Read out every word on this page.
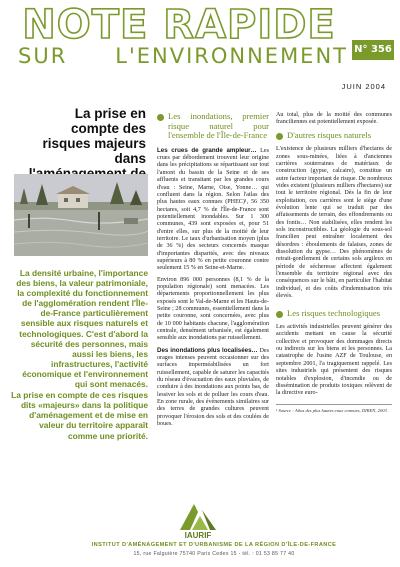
NOTE RAPIDE
SUR L'ENVIRONNEMENT N° 356
JUIN 2004
La prise en compte des risques majeurs dans

La densité urbaine, l'importance des biens, la valeur patrimoniale, la complexité du fonctionnement de l'agglomération rendent l'Île-de-France particulièrement sensible aux risques naturels et technologiques. C'est d'abord la sécurité des personnes, mais aussi les biens, les infrastructures, l'activité économique et l'environnement qui sont menacés.

La prise en compte de ces risques dits «majeurs» dans la politique d'aménagement et de mise en valeur du territoire apparaît comme une priorité.

Les inondations, premier risque naturel pour l'ensemble de l'Île-de-France

Les crues de grande ampleur… Les crues par débordement trouvent leur origine dans les précipitations se répartissant sur tout l'amont du bassin de la Seine et de ses affluents et transitant par les grandes cours d'eau : Seine, Marne, Oise, Yonne… qui confluent dans la région. Selon l'atlas des plus hautes eaux connues (PHEC)¹, 56 350 hectares, soit 4,7 % de l'Île-de-France sont potentiellement inondables. Sur 1 300 communes, 439 sont exposées et, pour 51 d'entre elles, sur plus de la moitié de leur territoire. Le taux d'urbanisation moyen (plus de 36 %) des secteurs concernés masque d'importantes disparités, avec des niveaux supérieurs à 80 % en petite couronne contre seulement 15 % en Seine-et-Marne.

Environ 896 000 personnes (8,1 % de la population régionale) sont menacées. Les départements proportionnellement les plus exposés sont le Val-de-Marne et les Hauts-de-Seine ; 28 communes, essentiellement dans la petite couronne, sont concernées, avec plus de 10 000 habitants chacune, l'agglomération centrale, densément urbanisée, est également sensible aux inondations par ruissellement.

Des inondations plus localisées… Des orages intenses peuvent occasionner sur des surfaces imperméabilisées un fort ruissellement, capable de saturer les capacités du réseau d'évacuation des eaux pluviales, de conduire à des inondations aux points bas, de lessiver les sols et de polluer les cours d'eau. En zone rurale, des événements similaires sur des terres de grandes cultures peuvent provoquer l'érosion des sols et des coulées de boues.

Au total, plus de la moitié des communes franciliennes est potentiellement exposée.

D'autres risques naturels

L'existence de plusieurs milliers d'hectares de zones sous-minées, liées à d'anciennes carrières souterraines de matériaux de construction (gypse, calcaire), constitue un autre facteur important de risque. De nombreux vides existent (plusieurs milliers d'hectares) sur tout le territoire régional. Dès la fin de leur exploitation, ces carrières sont le siège d'une évolution lente qui se traduit par des affaissements de terrain, des effondrements ou des fontis… Non stabilisées, elles rendent les sols inconstructibles. La géologie du sous-sol francilien peut entraîner localement des désordres : éboulements de falaises, zones de dissolution du gypse… Des phénomènes de retrait-gonflement de certains sols argileux en période de sécheresse affectent également l'ensemble du territoire régional avec des conséquences sur le bâti, en particulier l'habitat individuel, et des coûts d'indemnisation très élevés.

Les risques technologiques

Les activités industrielles peuvent générer des accidents mettant en cause la sécurité collective et provoquer des dommages directs ou indirects sur les biens et les personnes. La catastrophe de l'usine AZF de Toulouse, en septembre 2001, l'a tragiquement rappelé. Les sites industriels qui présentent des risques notables d'explosion, d'incendie ou de dissémination de produits toxiques relèvent de la directive euro-

¹ Source : Atlas des plus hautes eaux connues, DIREN, 2003.
IAURIF
INSTITUT D'AMÉNAGEMENT ET D'URBANISME DE LA RÉGION D'ÎLE-DE-FRANCE
15, rue Falguière 75740 Paris Cedex 15 - tél. : 01 53 85 77 40
